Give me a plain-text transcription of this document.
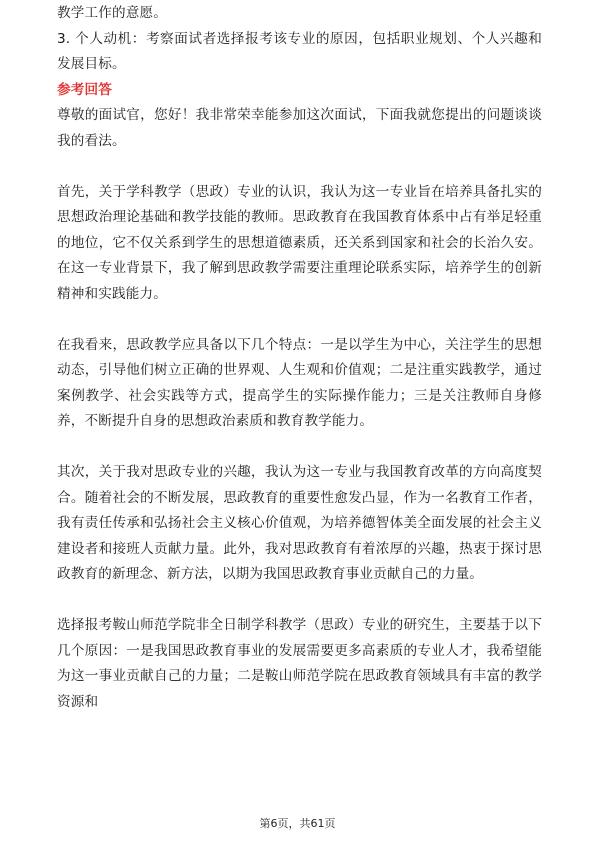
教学工作的意愿。

3. 个人动机：考察面试者选择报考该专业的原因，包括职业规划、个人兴趣和发展目标。

参考回答

尊敬的面试官，您好！我非常荣幸能参加这次面试，下面我就您提出的问题谈谈我的看法。

首先，关于学科教学（思政）专业的认识，我认为这一专业旨在培养具备扎实的思想政治理论基础和教学技能的教师。思政教育在我国教育体系中占有举足轻重的地位，它不仅关系到学生的思想道德素质，还关系到国家和社会的长治久安。在这一专业背景下，我了解到思政教学需要注重理论联系实际，培养学生的创新精神和实践能力。

在我看来，思政教学应具备以下几个特点：一是以学生为中心，关注学生的思想动态，引导他们树立正确的世界观、人生观和价值观；二是注重实践教学，通过案例教学、社会实践等方式，提高学生的实际操作能力；三是关注教师自身修养，不断提升自身的思想政治素质和教育教学能力。

其次，关于我对思政专业的兴趣，我认为这一专业与我国教育改革的方向高度契合。随着社会的不断发展，思政教育的重要性愈发凸显，作为一名教育工作者，我有责任传承和弘扬社会主义核心价值观，为培养德智体美全面发展的社会主义建设者和接班人贡献力量。此外，我对思政教育有着浓厚的兴趣，热衷于探讨思政教育的新理念、新方法，以期为我国思政教育事业贡献自己的力量。

选择报考鞍山师范学院非全日制学科教学（思政）专业的研究生，主要基于以下几个原因：一是我国思政教育事业的发展需要更多高素质的专业人才，我希望能为这一事业贡献自己的力量；二是鞍山师范学院在思政教育领域具有丰富的教学资源和

第6页，共61页
